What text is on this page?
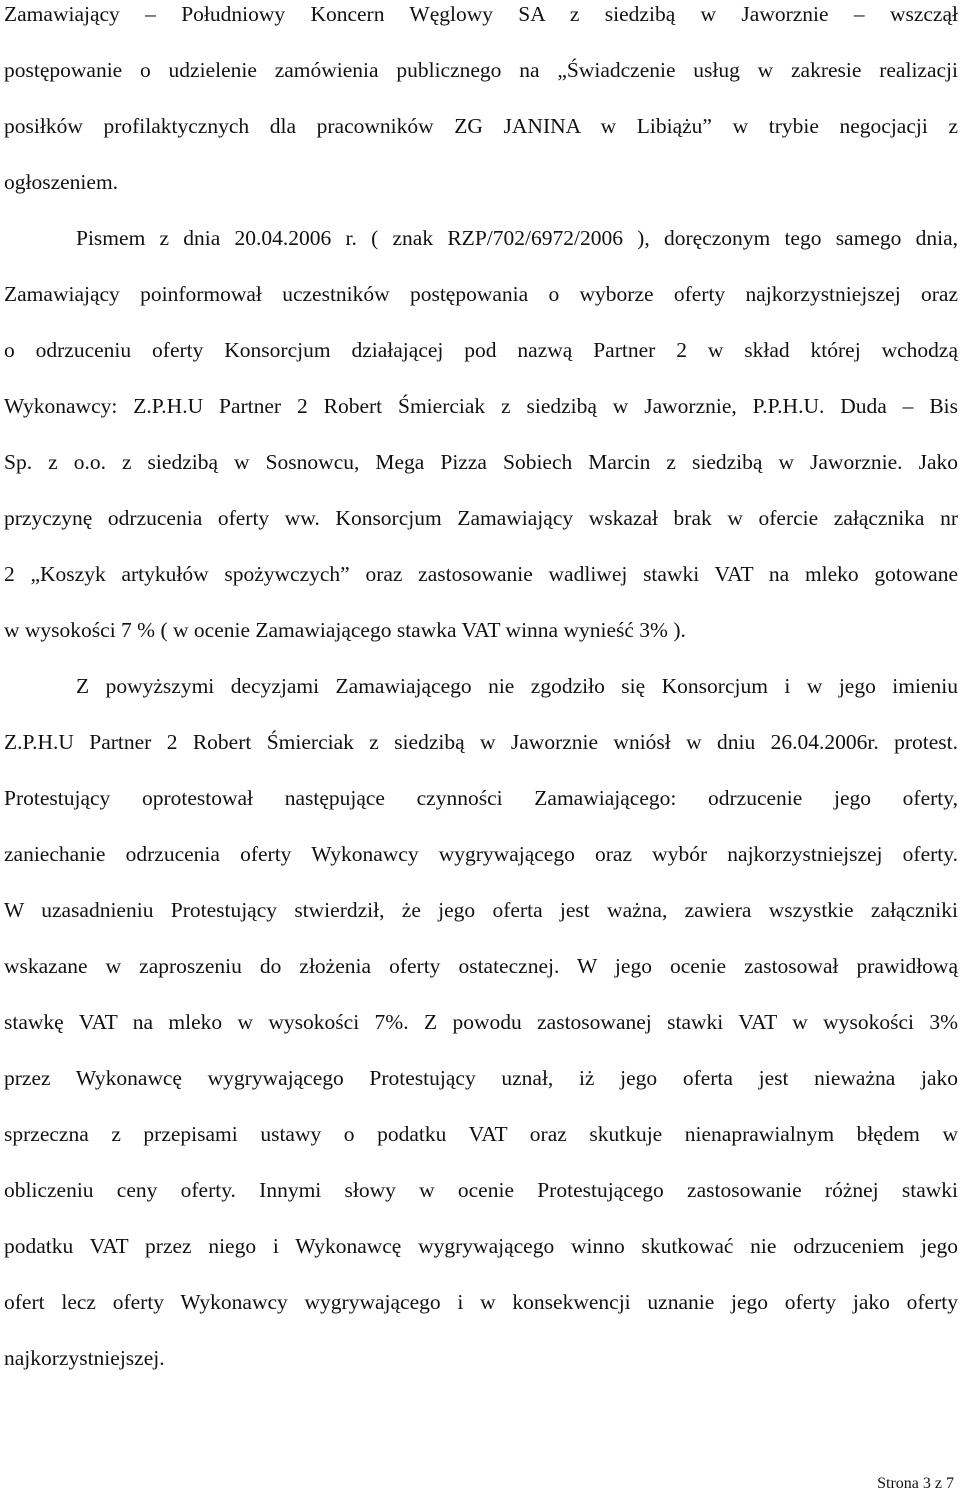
Zamawiający – Południowy Koncern Węglowy SA z siedzibą w Jaworznie – wszczął
postępowanie o udzielenie zamówienia publicznego na „Świadczenie usług w zakresie realizacji
posiłków profilaktycznych dla pracowników ZG JANINA w Libiążu” w trybie negocjacji z
ogłoszeniem.
Pismem z dnia 20.04.2006 r. ( znak RZP/702/6972/2006 ), doręczonym tego samego dnia,
Zamawiający poinformował uczestników postępowania o wyborze oferty najkorzystniejszej oraz
o odrzuceniu oferty Konsorcjum działającej pod nazwą Partner 2 w skład której wchodzą
Wykonawcy: Z.P.H.U Partner 2 Robert Śmierciak z siedzibą w Jaworznie, P.P.H.U. Duda – Bis
Sp. z o.o. z siedzibą w Sosnowcu, Mega Pizza Sobiech Marcin z siedzibą w Jaworznie. Jako
przyczynę odrzucenia oferty ww. Konsorcjum Zamawiający wskazał brak w ofercie załącznika nr
2 „Koszyk artykułów spożywczych” oraz zastosowanie wadliwej stawki VAT na mleko gotowane
w wysokości 7 % ( w ocenie Zamawiającego stawka VAT winna wynieść 3% ).
Z powyższymi decyzjami Zamawiającego nie zgodziło się Konsorcjum i w jego imieniu
Z.P.H.U Partner 2 Robert Śmierciak z siedzibą w Jaworznie wniósł w dniu 26.04.2006r. protest.
Protestujący oprotestował następujące czynności Zamawiającego: odrzucenie jego oferty,
zaniechanie odrzucenia oferty Wykonawcy wygrywającego oraz wybór najkorzystniejszej oferty.
W uzasadnieniu Protestujący stwierdził, że jego oferta jest ważna, zawiera wszystkie załączniki
wskazane w zaproszeniu do złożenia oferty ostatecznej. W jego ocenie zastosował prawidłową
stawkę VAT na mleko w wysokości 7%. Z powodu zastosowanej stawki VAT w wysokości 3%
przez Wykonawcę wygrywającego Protestujący uznał, iż jego oferta jest nieważna jako
sprzeczna z przepisami ustawy o podatku VAT oraz skutkuje nienaprawialnym błędem w
obliczeniu ceny oferty. Innymi słowy w ocenie Protestującego zastosowanie różnej stawki
podatku VAT przez niego i Wykonawcę wygrywającego winno skutkować nie odrzuceniem jego
ofert lecz oferty Wykonawcy wygrywającego i w konsekwencji uznanie jego oferty jako oferty
najkorzystniejszej.
Strona 3 z 7
